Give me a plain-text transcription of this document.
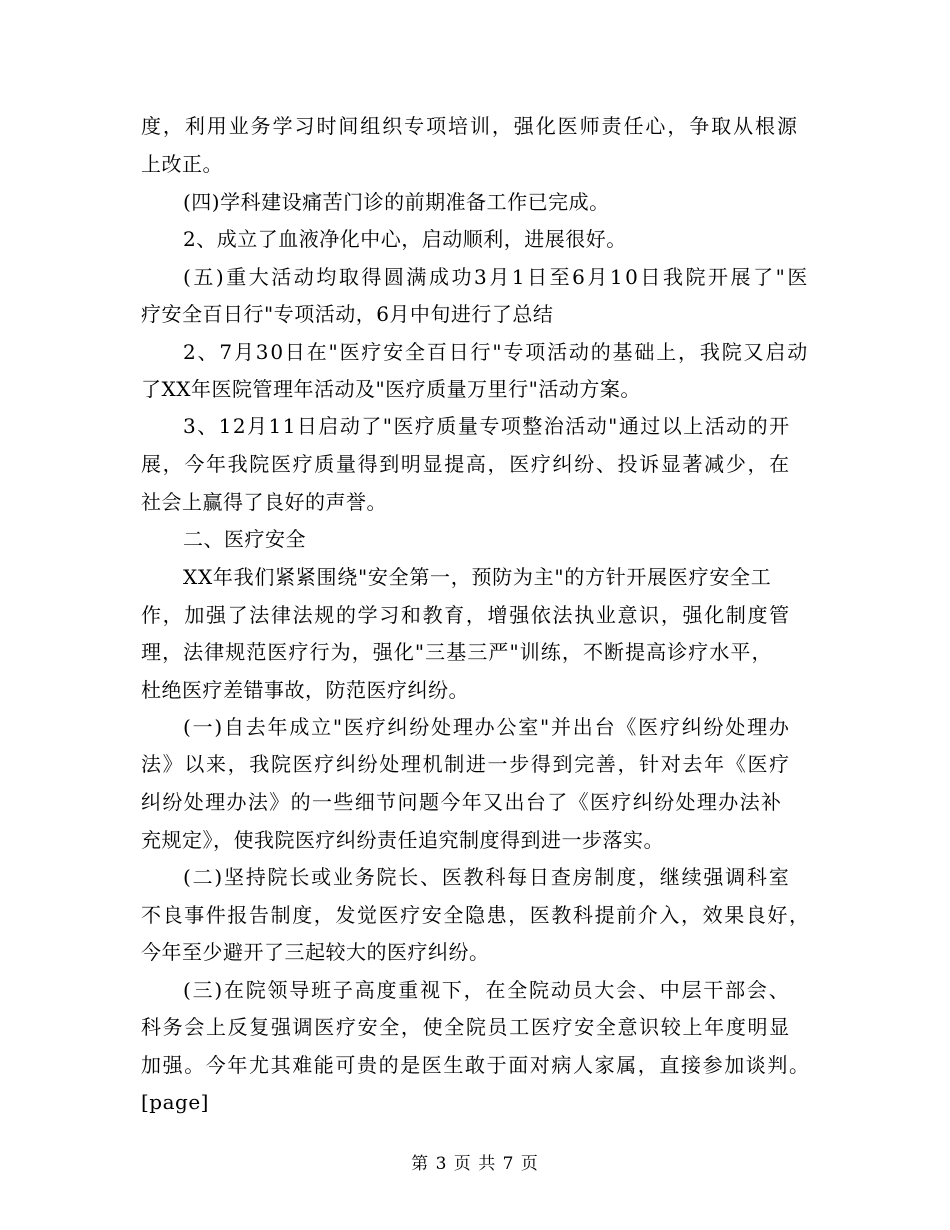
度，利用业务学习时间组织专项培训，强化医师责任心，争取从根源
上改正。
(四)学科建设痛苦门诊的前期准备工作已完成。
2、成立了血液净化中心，启动顺利，进展很好。
(五)重大活动均取得圆满成功3月1日至6月10日我院开展了"医
疗安全百日行"专项活动，6月中旬进行了总结
2、7月30日在"医疗安全百日行"专项活动的基础上，我院又启动
了XX年医院管理年活动及"医疗质量万里行"活动方案。
3、12月11日启动了"医疗质量专项整治活动"通过以上活动的开
展，今年我院医疗质量得到明显提高，医疗纠纷、投诉显著减少，在
社会上赢得了良好的声誉。
二、医疗安全
XX年我们紧紧围绕"安全第一，预防为主"的方针开展医疗安全工
作，加强了法律法规的学习和教育，增强依法执业意识，强化制度管
理，法律规范医疗行为，强化"三基三严"训练，不断提高诊疗水平，
杜绝医疗差错事故，防范医疗纠纷。
(一)自去年成立"医疗纠纷处理办公室"并出台《医疗纠纷处理办
法》以来，我院医疗纠纷处理机制进一步得到完善，针对去年《医疗
纠纷处理办法》的一些细节问题今年又出台了《医疗纠纷处理办法补
充规定》，使我院医疗纠纷责任追究制度得到进一步落实。
(二)坚持院长或业务院长、医教科每日查房制度，继续强调科室
不良事件报告制度，发觉医疗安全隐患，医教科提前介入，效果良好，
今年至少避开了三起较大的医疗纠纷。
(三)在院领导班子高度重视下，在全院动员大会、中层干部会、
科务会上反复强调医疗安全，使全院员工医疗安全意识较上年度明显
加强。今年尤其难能可贵的是医生敢于面对病人家属，直接参加谈判。
[page]
第 3 页 共 7 页
